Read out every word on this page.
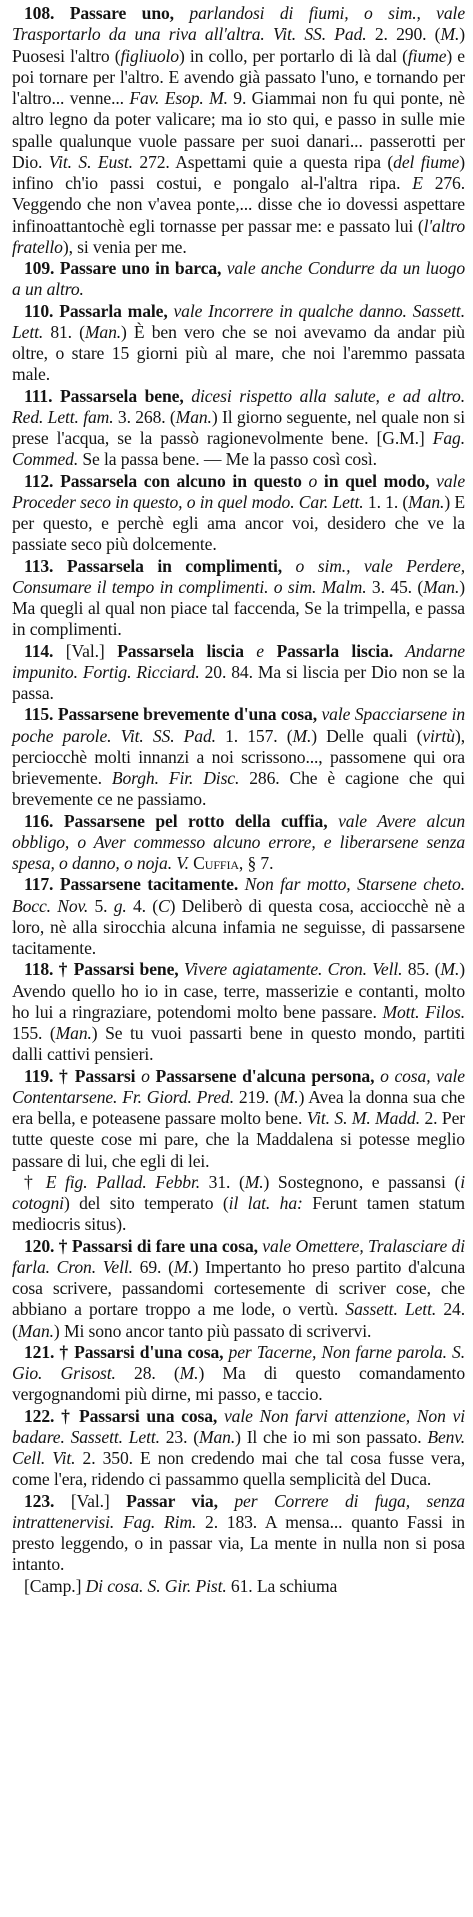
108. Passare uno, parlandosi di fiumi, o sim., vale Trasportarlo da una riva all'altra. Vit. SS. Pad. 2. 290. (M.) Puosesi l'altro (figliuolo) in collo, per portarlo di là dal (fiume) e poi tornare per l'altro. E avendo già passato l'uno, e tornando per l'altro... venne... Fav. Esop. M. 9. Giammai non fu qui ponte, nè altro legno da poter valicare; ma io sto qui, e passo in sulle mie spalle qualunque vuole passare per suoi danari... passerotti per Dio. Vit. S. Eust. 272. Aspettami quie a questa ripa (del fiume) infino ch'io passi costui, e pongalo al-l'altra ripa. E 276. Veggendo che non v'avea ponte,... disse che io dovessi aspettare infinoattantochè egli tornasse per passar me: e passato lui (l'altro fratello), si venia per me.

109. Passare uno in barca, vale anche Condurre da un luogo a un altro.

110. Passarla male, vale Incorrere in qualche danno. Sassett. Lett. 81. (Man.) È ben vero che se noi avevamo da andar più oltre, o stare 15 giorni più al mare, che noi l'aremmo passata male.

111. Passarsela bene, dicesi rispetto alla salute, e ad altro. Red. Lett. fam. 3. 268. (Man.) Il giorno seguente, nel quale non si prese l'acqua, se la passò ragionevolmente bene. [G.M.] Fag. Commed. Se la passa bene. — Me la passo così così.

112. Passarsela con alcuno in questo o in quel modo, vale Proceder seco in questo, o in quel modo. Car. Lett. 1. 1. (Man.) E per questo, e perchè egli ama ancor voi, desidero che ve la passiate seco più dolcemente.

113. Passarsela in complimenti, o sim., vale Perdere, Consumare il tempo in complimenti. o sim. Malm. 3. 45. (Man.) Ma quegli al qual non piace tal faccenda, Se la trimpella, e passa in complimenti.

114. [Val.] Passarsela liscia e Passarla liscia. Andarne impunito. Fortig. Ricciard. 20. 84. Ma si liscia per Dio non se la passa.

115. Passarsene brevemente d'una cosa, vale Spacciarsene in poche parole. Vit. SS. Pad. 1. 157. (M.) Delle quali (virtù), perciocchè molti innanzi a noi scrissono..., passomene qui ora brievemente. Borgh. Fir. Disc. 286. Che è cagione che qui brevemente ce ne passiamo.

116. Passarsene pel rotto della cuffia, vale Avere alcun obbligo, o Aver commesso alcuno errore, e liberarsene senza spesa, o danno, o noja. V. Cuffia, § 7.

117. Passarsene tacitamente. Non far motto, Starsene cheto. Bocc. Nov. 5. g. 4. (C) Deliberò di questa cosa, acciocchè nè a loro, nè alla sirocchia alcuna infamia ne seguisse, di passarsene tacitamente.

118. † Passarsi bene, Vivere agiatamente. Cron. Vell. 85. (M.) Avendo quello ho io in case, terre, masserizie e contanti, molto ho lui a ringraziare, potendomi molto bene passare. Mott. Filos. 155. (Man.) Se tu vuoi passarti bene in questo mondo, partiti dalli cattivi pensieri.

119. † Passarsi o Passarsene d'alcuna persona, o cosa, vale Contentarsene. Fr. Giord. Pred. 219. (M.) Avea la donna sua che era bella, e poteasene passare molto bene. Vit. S. M. Madd. 2. Per tutte queste cose mi pare, che la Maddalena si potesse meglio passare di lui, che egli di lei.

† E fig. Pallad. Febbr. 31. (M.) Sostegnono, e passansi (i cotogni) del sito temperato (il lat. ha: Ferunt tamen statum mediocris situs).

120. † Passarsi di fare una cosa, vale Omettere, Tralasciare di farla. Cron. Vell. 69. (M.) Impertanto ho preso partito d'alcuna cosa scrivere, passandomi cortesemente di scriver cose, che abbiano a portare troppo a me lode, o vertù. Sassett. Lett. 24. (Man.) Mi sono ancor tanto più passato di scrivervi.

121. † Passarsi d'una cosa, per Tacerne, Non farne parola. S. Gio. Grisost. 28. (M.) Ma di questo comandamento vergognandomi più dirne, mi passo, e taccio.

122. † Passarsi una cosa, vale Non farvi attenzione, Non vi badare. Sassett. Lett. 23. (Man.) Il che io mi son passato. Benv. Cell. Vit. 2. 350. E non credendo mai che tal cosa fusse vera, come l'era, ridendo ci passammo quella semplicità del Duca.

123. [Val.] Passar via, per Correre di fuga, senza intrattenervisi. Fag. Rim. 2. 183. A mensa... quanto Fassi in presto leggendo, o in passar via, La mente in nulla non si posa intanto.

[Camp.] Di cosa. S. Gir. Pist. 61. La schiuma
